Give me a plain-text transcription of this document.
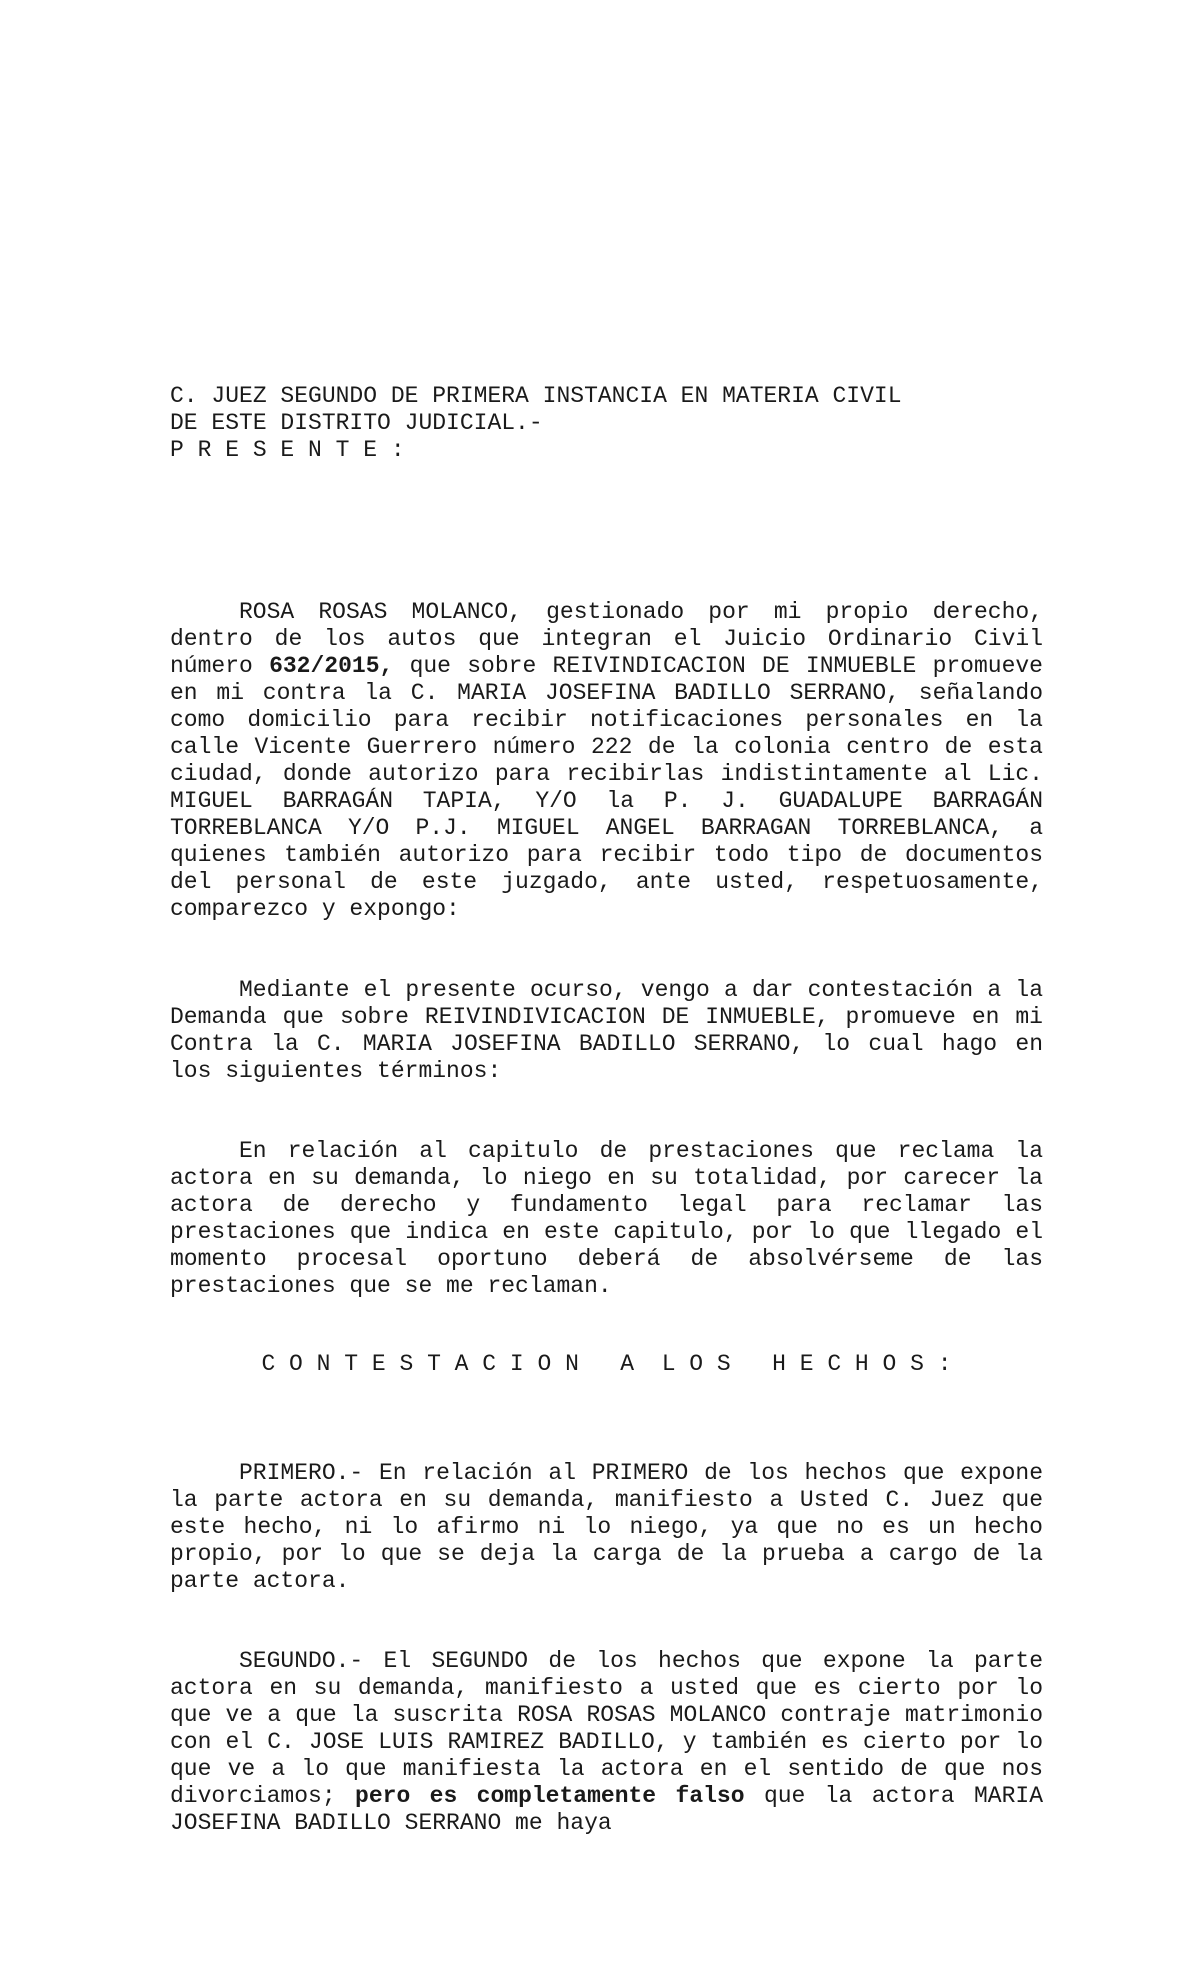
C. JUEZ SEGUNDO DE PRIMERA INSTANCIA EN MATERIA CIVIL
DE ESTE DISTRITO JUDICIAL.-
P R E S E N T E :
ROSA ROSAS MOLANCO, gestionado por mi propio derecho, dentro de los autos que integran el Juicio Ordinario Civil número 632/2015, que sobre REIVINDICACION DE INMUEBLE promueve en mi contra la C. MARIA JOSEFINA BADILLO SERRANO, señalando como domicilio para recibir notificaciones personales en la calle Vicente Guerrero número 222 de la colonia centro de esta ciudad, donde autorizo para recibirlas indistintamente al Lic. MIGUEL BARRAGÁN TAPIA, Y/O la P. J. GUADALUPE BARRAGÁN TORREBLANCA Y/O P.J. MIGUEL ANGEL BARRAGAN TORREBLANCA, a quienes también autorizo para recibir todo tipo de documentos del personal de este juzgado, ante usted, respetuosamente, comparezco y expongo:
Mediante el presente ocurso, vengo a dar contestación a la Demanda que sobre REIVINDIVICACION DE INMUEBLE, promueve en mi Contra la C. MARIA JOSEFINA BADILLO SERRANO, lo cual hago en los siguientes términos:
En relación al capitulo de prestaciones que reclama la actora en su demanda, lo niego en su totalidad, por carecer la actora de derecho y fundamento legal para reclamar las prestaciones que indica en este capitulo, por lo que llegado el momento procesal oportuno deberá de absolvérseme de las prestaciones que se me reclaman.
C O N T E S T A C I O N   A  L O S   H E C H O S :
PRIMERO.- En relación al PRIMERO de los hechos que expone la parte actora en su demanda, manifiesto a Usted C. Juez que este hecho, ni lo afirmo ni lo niego, ya que no es un hecho propio, por lo que se deja la carga de la prueba a cargo de la parte actora.
SEGUNDO.- El SEGUNDO de los hechos que expone la parte actora en su demanda, manifiesto a usted que es cierto por lo que ve a que la suscrita ROSA ROSAS MOLANCO contraje matrimonio con el C. JOSE LUIS RAMIREZ BADILLO, y también es cierto por lo que ve a lo que manifiesta la actora en el sentido de que nos divorciamos; pero es completamente falso que la actora MARIA JOSEFINA BADILLO SERRANO me haya
